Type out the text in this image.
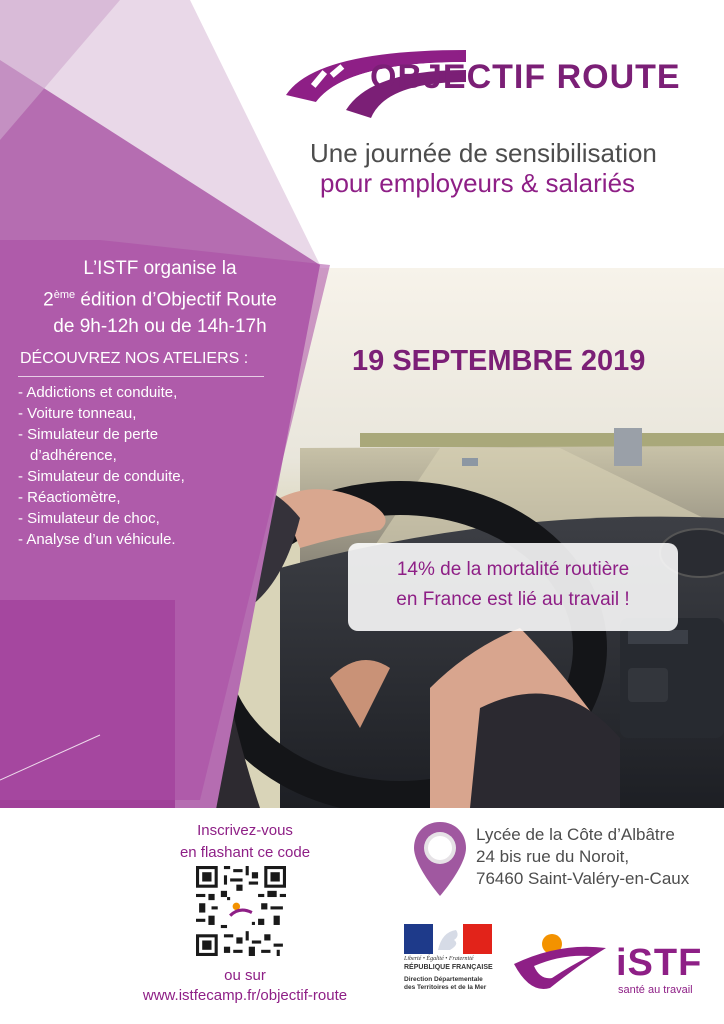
OBJECTIF ROUTE
Une journée de sensibilisation
pour employeurs & salariés
L’ISTF organise la
2ème édition d’Objectif Route
de 9h-12h ou de 14h-17h
DÉCOUVREZ NOS ATELIERS :
- Addictions et conduite,
- Voiture tonneau,
- Simulateur de perte
d’adhérence,
- Simulateur de conduite,
- Réactiomètre,
- Simulateur de choc,
- Analyse d’un véhicule.
19 SEPTEMBRE 2019
14% de la mortalité routière
en France est lié au travail !
Inscrivez-vous
en flashant ce code
ou sur
www.istfecamp.fr/objectif-route
Lycée de la Côte d’Albâtre
24 bis rue du Noroit,
76460 Saint-Valéry-en-Caux
Liberté • Égalité • Fraternité
RÉPUBLIQUE FRANÇAISE
Direction Départementale
des Territoires et de la Mer
iSTF
santé au travail
